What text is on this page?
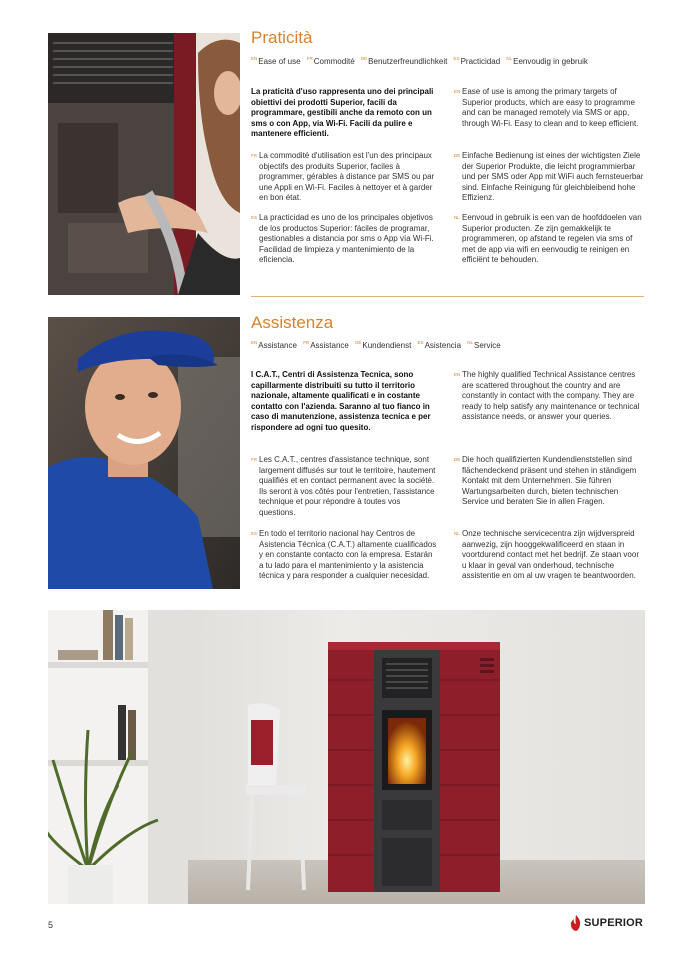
Praticità
$^{EN}$Ease of use $^{FR}$Commodité $^{DE}$Benutzerfreundlichkeit $^{ES}$Practicidad $^{NL}$Eenvoudig in gebruik
La praticità d'uso rappresenta uno dei principali obiettivi dei prodotti Superior, facili da programmare, gestibili anche da remoto con un sms o con App, via Wi-Fi. Facili da pulire e mantenere efficienti.
FR La commodité d'utilisation est l'un des principaux objectifs des produits Superior, faciles à programmer, gérables à distance par SMS ou par une Appli en Wi-Fi. Faciles à nettoyer et à garder en bon état.
ES La practicidad es uno de los principales objetivos de los productos Superior: fáciles de programar, gestionables a distancia por sms o App vía Wi-Fi. Facilidad de limpieza y mantenimiento de la eficiencia.
EN Ease of use is among the primary targets of Superior products, which are easy to programme and can be managed remotely via SMS or app, through Wi-Fi. Easy to clean and to keep efficient.
DE Einfache Bedienung ist eines der wichtigsten Ziele der Superior Produkte, die leicht programmierbar und per SMS oder App mit WiFi auch fernsteuerbar sind. Einfache Reinigung für gleichbleibend hohe Effizienz.
NL Eenvoud in gebruik is een van de hoofddoelen van Superior producten. Ze zijn gemakkelijk te programmeren, op afstand te regelen via sms of met de app via wifi en eenvoudig te reinigen en efficiënt te behouden.
Assistenza
$^{EN}$Assistance $^{FR}$Assistance $^{DE}$Kundendienst $^{ES}$Asistencia $^{NL}$Service
I C.A.T., Centri di Assistenza Tecnica, sono capillarmente distribuiti su tutto il territorio nazionale, altamente qualificati e in costante contatto con l'azienda. Saranno al tuo fianco in caso di manutenzione, assistenza tecnica e per rispondere ad ogni tuo quesito.
FR Les C.A.T., centres d'assistance technique, sont largement diffusés sur tout le territoire, hautement qualifiés et en contact permanent avec la société. Ils seront à vos côtés pour l'entretien, l'assistance technique et pour répondre à toutes vos questions.
ES En todo el territorio nacional hay Centros de Asistencia Técnica (C.A.T.) altamente cualificados y en constante contacto con la empresa. Estarán a tu lado para el mantenimiento y la asistencia técnica y para responder a cualquier necesidad.
EN The highly qualified Technical Assistance centres are scattered throughout the country and are constantly in contact with the company. They are ready to help satisfy any maintenance or technical assistance needs, or answer your queries.
DE Die hoch qualifizierten Kundendienststellen sind flächendeckend präsent und stehen in ständigem Kontakt mit dem Unternehmen. Sie führen Wartungsarbeiten durch, bieten technischen Service und beraten Sie in allen Fragen.
NL Onze technische servicecentra zijn wijdverspreid aanwezig, zijn hooggekwalificeerd en staan in voortdurend contact met het bedrijf. Ze staan voor u klaar in geval van onderhoud, technische assistentie en om al uw vragen te beantwoorden.
5	SUPERIOR
